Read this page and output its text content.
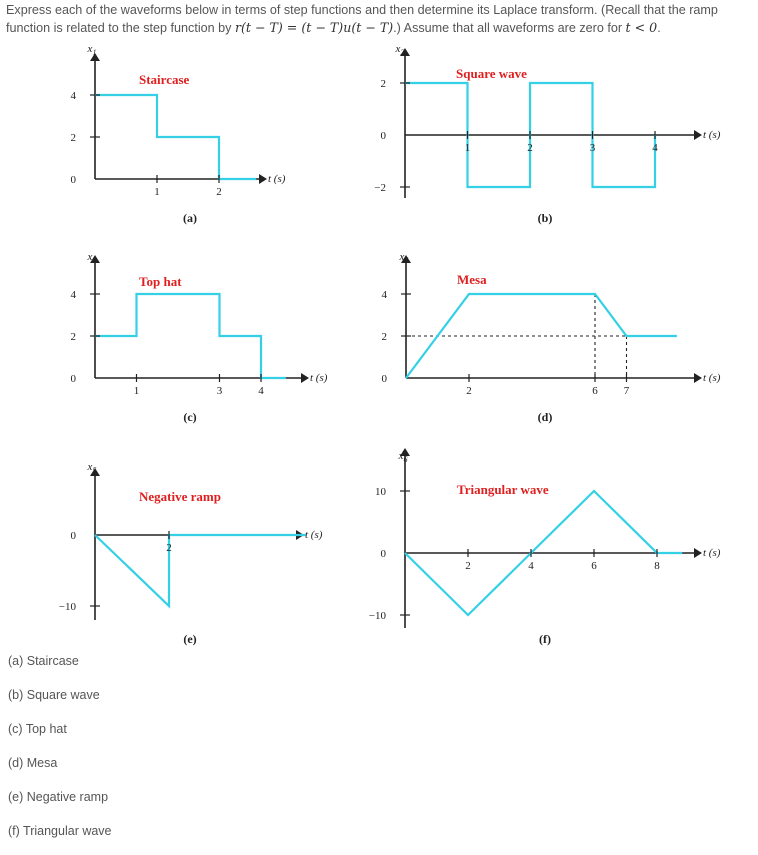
Express each of the waveforms below in terms of step functions and then determine its Laplace transform. (Recall that the ramp function is related to the step function by r(t − T) = (t − T)u(t − T).) Assume that all waveforms are zero for t < 0.
1	2
0
2
4
$x_1$
t (s)
Staircase
(a)
1	2	3	4
−2
0
2
$x_2$
t (s)
Square wave
(b)
1	3	4
0
2
4
$x_3$
t (s)
Top hat
(c)
2	6 7
0
2
4
$x_4$
t (s)
Mesa
(d)
2
−10
0
$x_5$
t (s)
Negative ramp
(e)
2	4	6	8
−10
0
10
$x_6$
t (s)
Triangular wave
(f)
(a) Staircase
(b) Square wave
(c) Top hat
(d) Mesa
(e) Negative ramp
(f) Triangular wave
